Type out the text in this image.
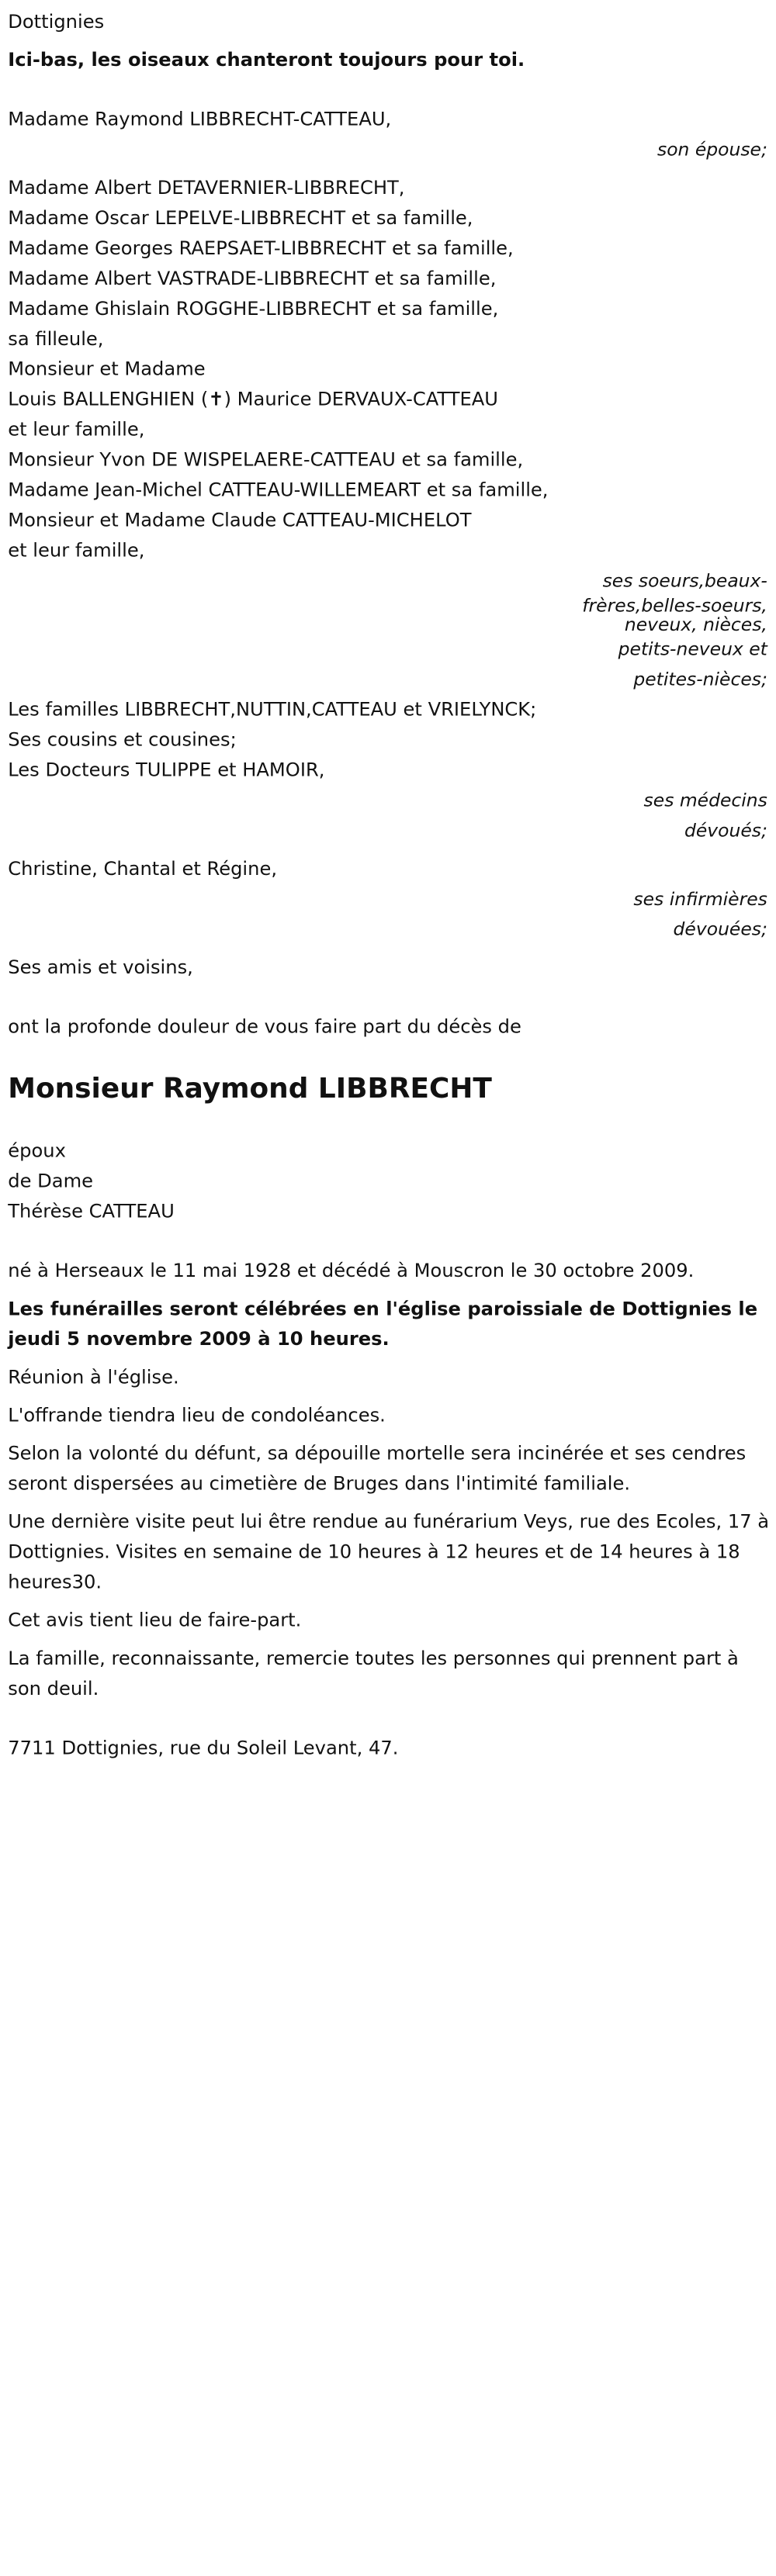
Dottignies
Ici-bas, les oiseaux chanteront toujours pour toi.
Madame Raymond LIBBRECHT-CATTEAU,
son épouse;
Madame Albert DETAVERNIER-LIBBRECHT,
Madame Oscar LEPELVE-LIBBRECHT et sa famille,
Madame Georges RAEPSAET-LIBBRECHT et sa famille,
Madame Albert VASTRADE-LIBBRECHT et sa famille,
Madame Ghislain ROGGHE-LIBBRECHT et sa famille,
sa filleule,
Monsieur et Madame
Louis BALLENGHIEN (✝) Maurice DERVAUX-CATTEAU
et leur famille,
Monsieur Yvon DE WISPELAERE-CATTEAU et sa famille,
Madame Jean-Michel CATTEAU-WILLEMEART et sa famille,
Monsieur et Madame Claude CATTEAU-MICHELOT
et leur famille,
ses soeurs,beaux-
frères,belles-soeurs,
neveux, nièces,
petits-neveux et
petites-nièces;
Les familles LIBBRECHT,NUTTIN,CATTEAU et VRIELYNCK;
Ses cousins et cousines;
Les Docteurs TULIPPE et HAMOIR,
ses médecins
dévoués;
Christine, Chantal et Régine,
ses infirmières
dévouées;
Ses amis et voisins,
ont la profonde douleur de vous faire part du décès de
Monsieur Raymond LIBBRECHT
époux
de Dame
Thérèse CATTEAU
né à Herseaux le 11 mai 1928 et décédé à Mouscron le 30 octobre 2009.
Les funérailles seront célébrées en l'église paroissiale de Dottignies le jeudi 5 novembre 2009 à 10 heures.
Réunion à l'église.
L'offrande tiendra lieu de condoléances.
Selon la volonté du défunt, sa dépouille mortelle sera incinérée et ses cendres seront dispersées au cimetière de Bruges dans l'intimité familiale.
Une dernière visite peut lui être rendue au funérarium Veys, rue des Ecoles, 17 à Dottignies. Visites en semaine de 10 heures à 12 heures et de 14 heures à 18 heures30.
Cet avis tient lieu de faire-part.
La famille, reconnaissante, remercie toutes les personnes qui prennent part à son deuil.
7711 Dottignies, rue du Soleil Levant, 47.
